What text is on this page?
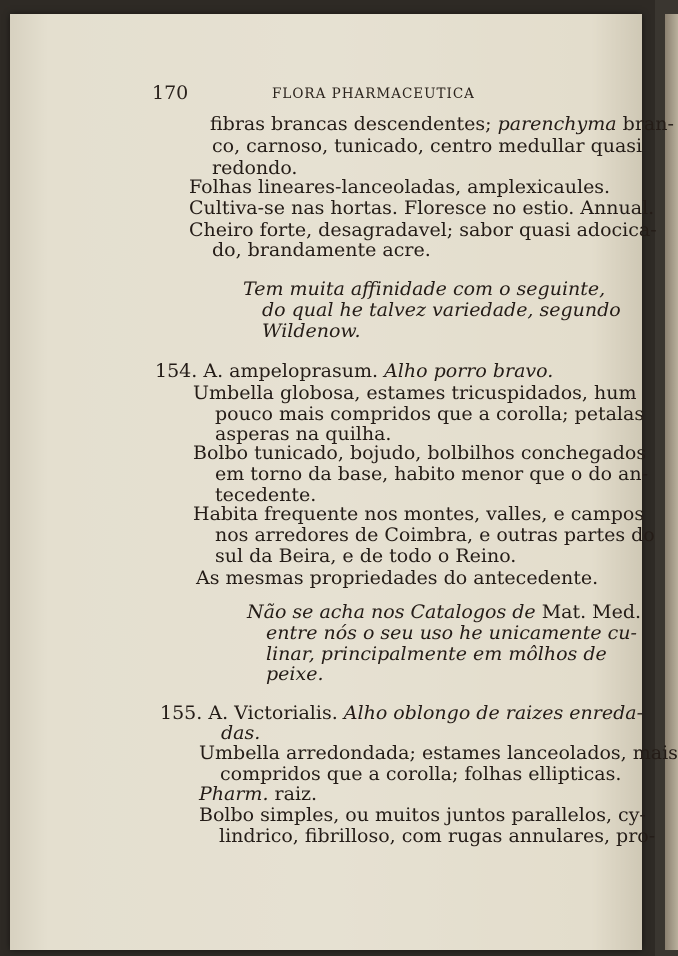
170	FLORA PHARMACEUTICA
fibras brancas descendentes; parenchyma bran-
co, carnoso, tunicado, centro medullar quasi
redondo.
Folhas lineares-lanceoladas, amplexicaules.
Cultiva-se nas hortas. Floresce no estio. Annual.
Cheiro forte, desagradavel; sabor quasi adocica-
do, brandamente acre.
Tem muita affinidade com o seguinte,
do qual he talvez variedade, segundo
Wildenow.
154. A. ampeloprasum. Alho porro bravo.
Umbella globosa, estames tricuspidados, hum
pouco mais compridos que a corolla; petalas
asperas na quilha.
Bolbo tunicado, bojudo, bolbilhos conchegados
em torno da base, habito menor que o do an-
tecedente.
Habita frequente nos montes, valles, e campos
nos arredores de Coimbra, e outras partes do
sul da Beira, e de todo o Reino.
As mesmas propriedades do antecedente.
Não se acha nos Catalogos de Mat. Med.
entre nós o seu uso he unicamente cu-
linar, principalmente em môlhos de
peixe.
155. A. Victorialis. Alho oblongo de raizes enreda-
das.
Umbella arredondada; estames lanceolados, mais
compridos que a corolla; folhas ellipticas.
Pharm. raiz.
Bolbo simples, ou muitos juntos parallelos, cy-
lindrico, fibrilloso, com rugas annulares, pro-
